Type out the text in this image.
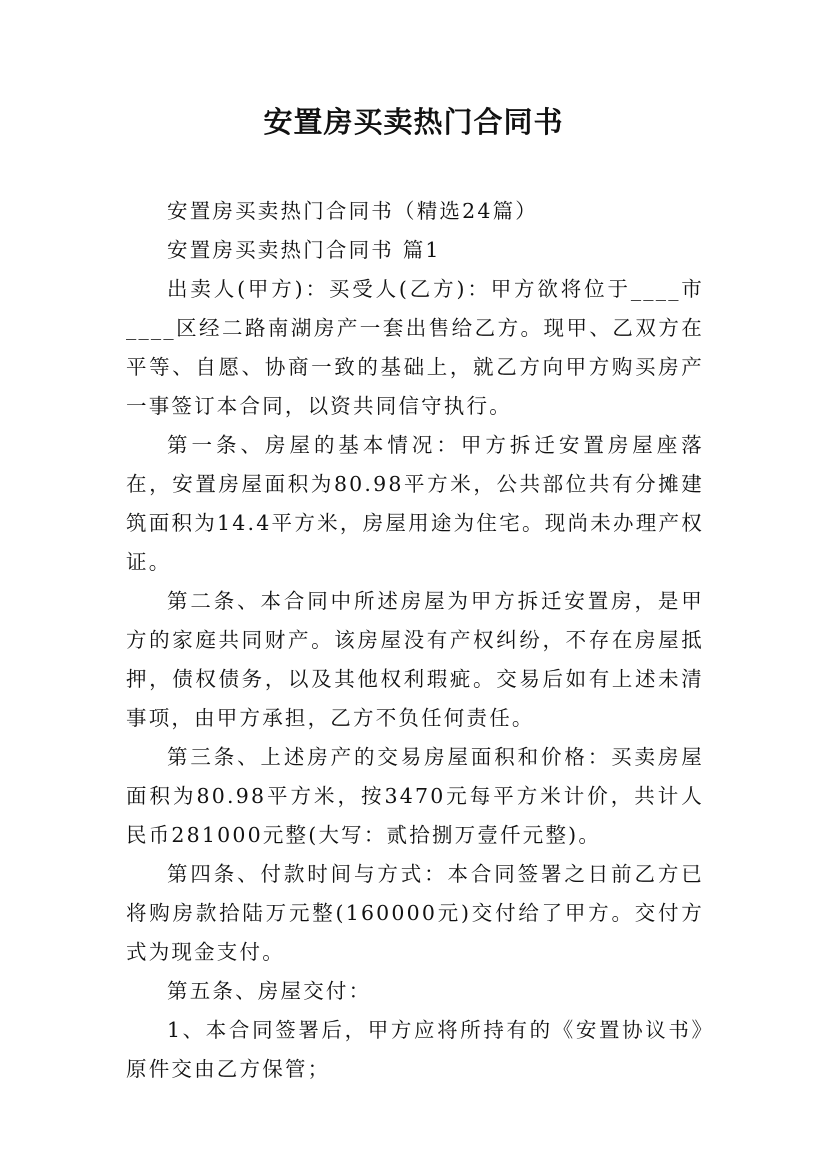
安置房买卖热门合同书

安置房买卖热门合同书（精选24篇）

安置房买卖热门合同书 篇1

出卖人(甲方)：买受人(乙方)：甲方欲将位于____市____区经二路南湖房产一套出售给乙方。现甲、乙双方在平等、自愿、协商一致的基础上，就乙方向甲方购买房产一事签订本合同，以资共同信守执行。

第一条、房屋的基本情况：甲方拆迁安置房屋座落在，安置房屋面积为80.98平方米，公共部位共有分摊建筑面积为14.4平方米，房屋用途为住宅。现尚未办理产权证。

第二条、本合同中所述房屋为甲方拆迁安置房，是甲方的家庭共同财产。该房屋没有产权纠纷，不存在房屋抵押，债权债务，以及其他权利瑕疵。交易后如有上述未清事项，由甲方承担，乙方不负任何责任。

第三条、上述房产的交易房屋面积和价格：买卖房屋面积为80.98平方米，按3470元每平方米计价，共计人民币281000元整(大写：贰拾捌万壹仟元整)。

第四条、付款时间与方式：本合同签署之日前乙方已将购房款拾陆万元整(160000元)交付给了甲方。交付方式为现金支付。

第五条、房屋交付：

1、本合同签署后，甲方应将所持有的《安置协议书》原件交由乙方保管；
